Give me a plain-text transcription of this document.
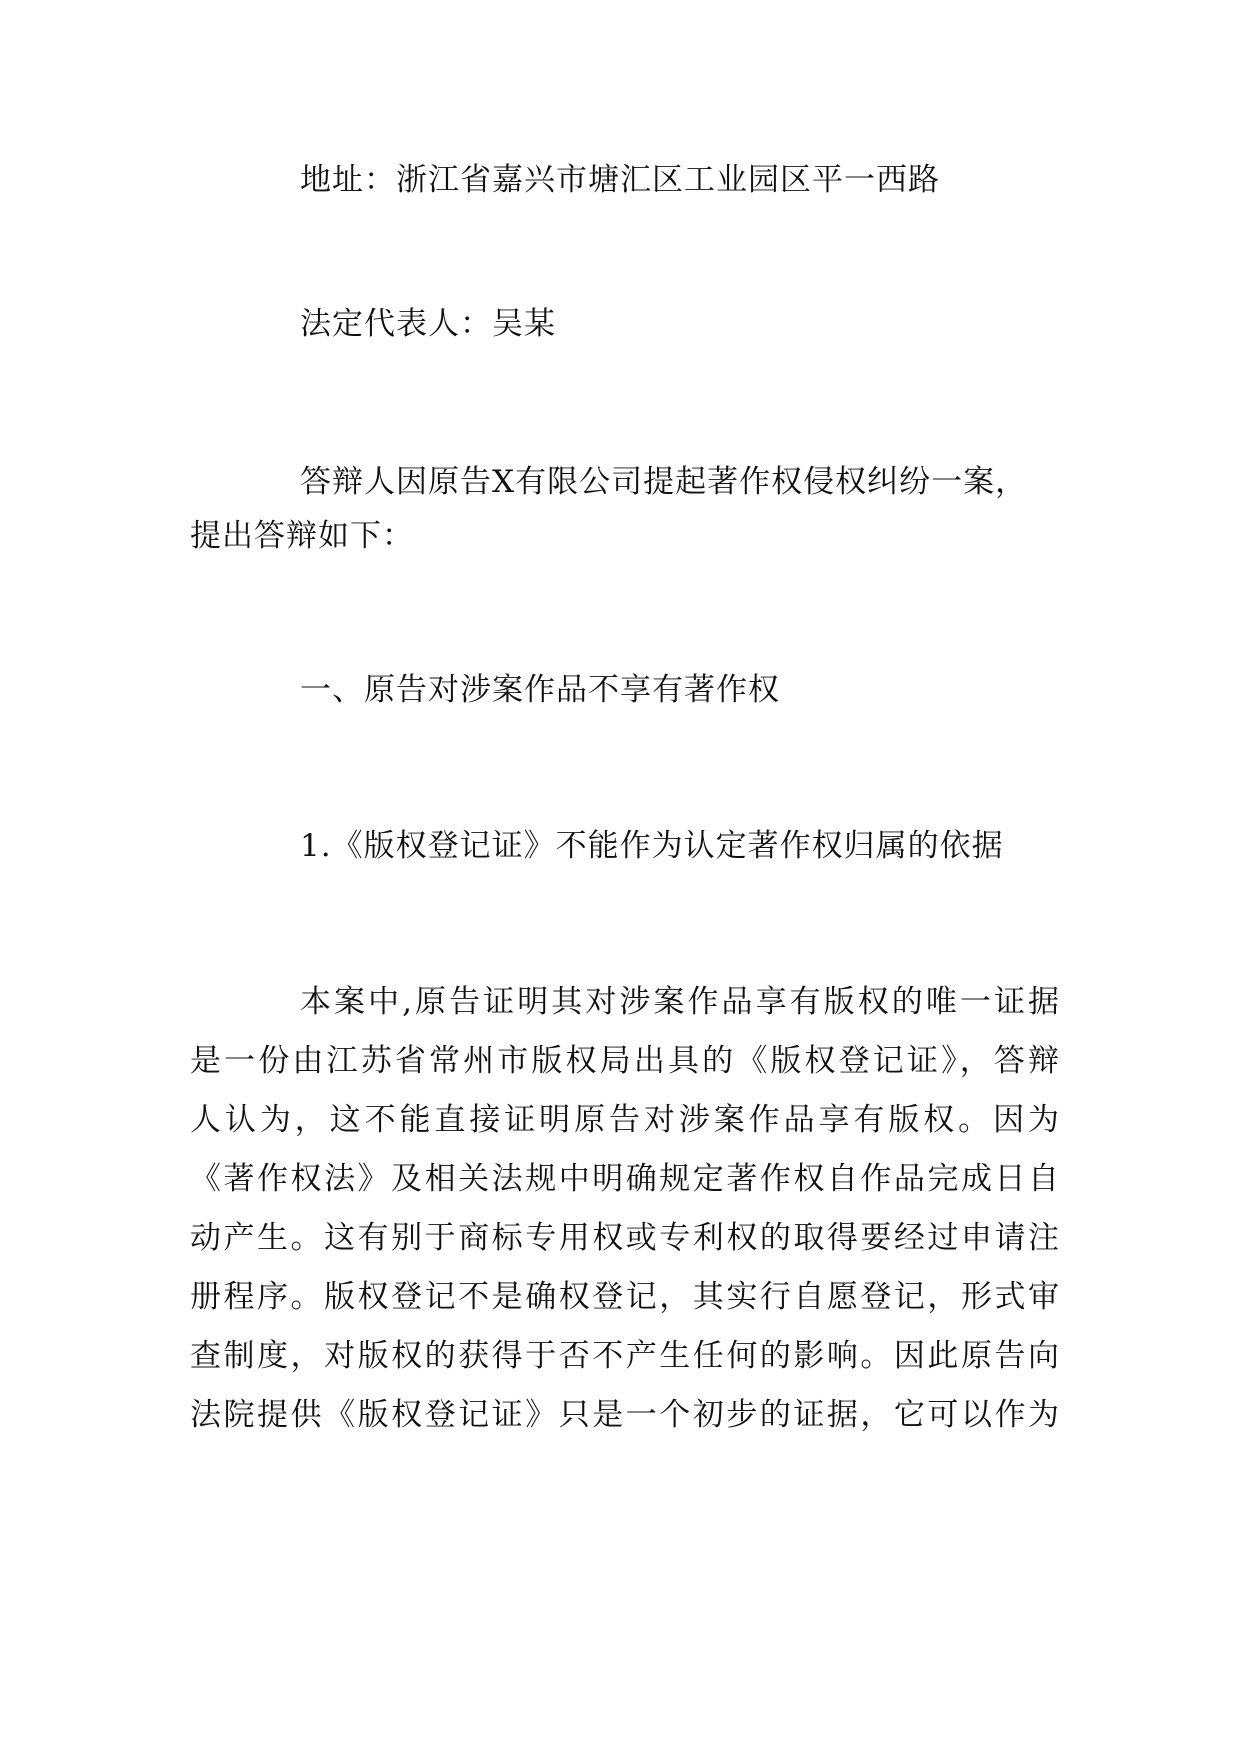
地址：浙江省嘉兴市塘汇区工业园区平一西路
法定代表人：吴某
答辩人因原告X有限公司提起著作权侵权纠纷一案，
提出答辩如下：
一、原告对涉案作品不享有著作权
1.《版权登记证》不能作为认定著作权归属的依据
本案中,原告证明其对涉案作品享有版权的唯一证据
是一份由江苏省常州市版权局出具的《版权登记证》，答辩
人认为，这不能直接证明原告对涉案作品享有版权。因为
《著作权法》及相关法规中明确规定著作权自作品完成日自
动产生。这有别于商标专用权或专利权的取得要经过申请注
册程序。版权登记不是确权登记，其实行自愿登记，形式审
查制度，对版权的获得于否不产生任何的影响。因此原告向
法院提供《版权登记证》只是一个初步的证据，它可以作为
